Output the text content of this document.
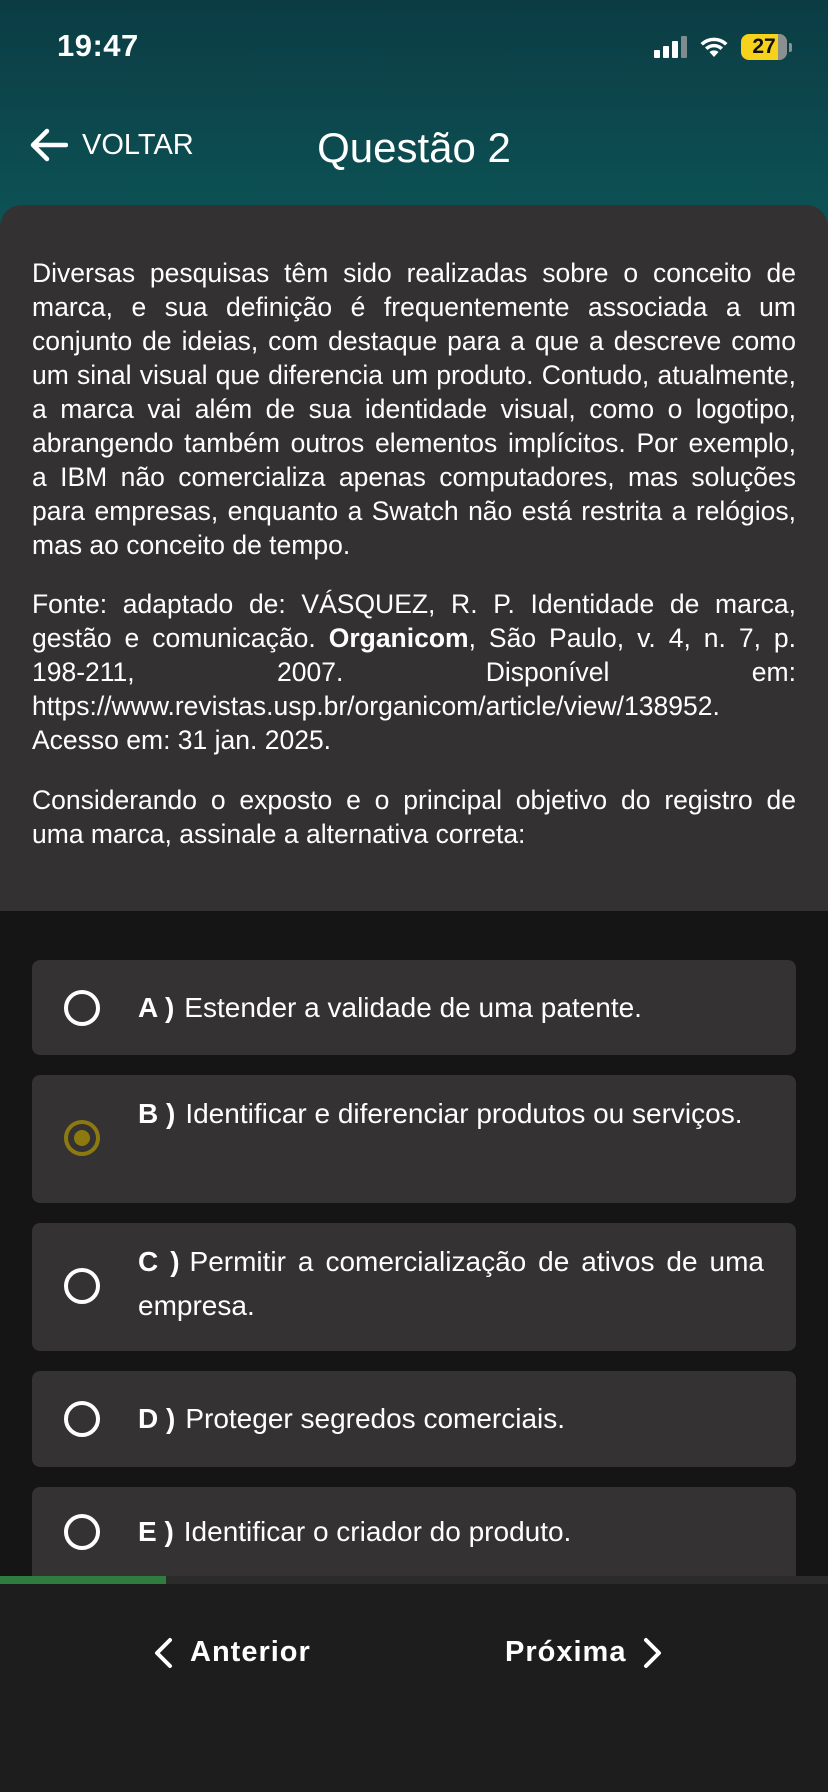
19:47	27
VOLTAR	Questão 2

Diversas pesquisas têm sido realizadas sobre o conceito de marca, e sua definição é frequentemente associada a um conjunto de ideias, com destaque para a que a descreve como um sinal visual que diferencia um produto. Contudo, atualmente, a marca vai além de sua identidade visual, como o logotipo, abrangendo também outros elementos implícitos. Por exemplo, a IBM não comercializa apenas computadores, mas soluções para empresas, enquanto a Swatch não está restrita a relógios, mas ao conceito de tempo.

Fonte: adaptado de: VÁSQUEZ, R. P. Identidade de marca, gestão e comunicação. Organicom, São Paulo, v. 4, n. 7, p. 198-211, 2007. Disponível em: https://www.revistas.usp.br/organicom/article/view/138952. Acesso em: 31 jan. 2025.

Considerando o exposto e o principal objetivo do registro de uma marca, assinale a alternativa correta:

A ) Estender a validade de uma patente.
B ) Identificar e diferenciar produtos ou serviços.
C ) Permitir a comercialização de ativos de uma empresa.
D ) Proteger segredos comerciais.
E ) Identificar o criador do produto.
Anterior	Próxima
